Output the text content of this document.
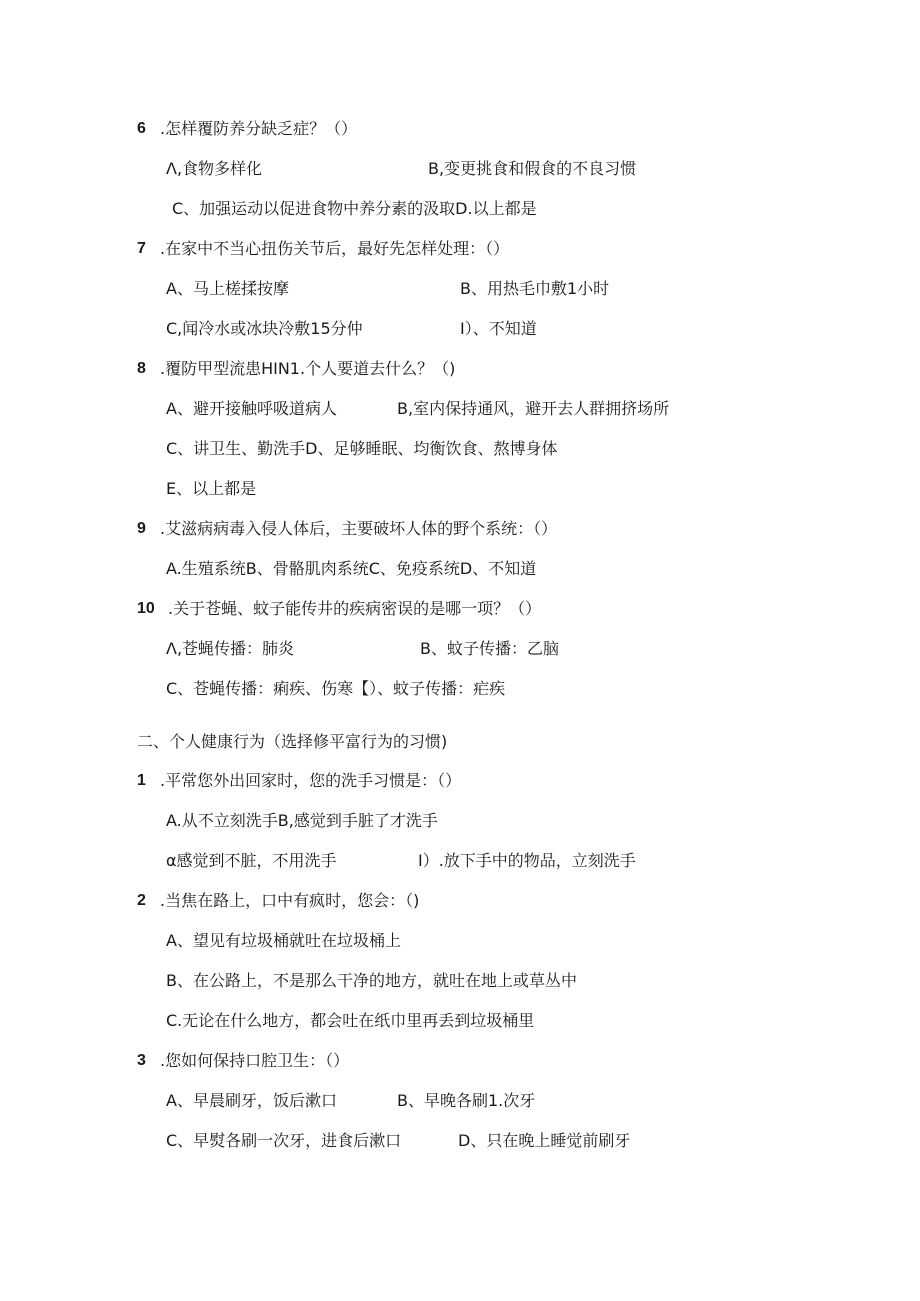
6 .怎样覆防养分缺乏症？（）
Λ,食物多样化	B,变更挑食和假食的不良习惯
C、加强运动以促进食物中养分素的汲取D.以上都是
7 .在家中不当心扭伤关节后，最好先怎样处理：（）
A、马上槎揉按摩	B、用热毛巾敷1小时
C,闻冷水或冰块冷敷15分仲	I）、不知道
8 .覆防甲型流患HIN1.个人要道去什么？（)
A、避开接触呼吸道病人	B,室内保持通风，避开去人群拥挤场所
C、讲卫生、勤洗手D、足够睡眠、均衡饮食、熬博身体
E、以上都是
9 .艾滋病病毒入侵人体后，主要破坏人体的野个系统：（）
A.生殖系统B、骨骼肌肉系统C、免疫系统D、不知道
10 .关于苍蝇、蚊子能传井的疾病密误的是哪一项？（）
Λ,苍蝇传播：肺炎	B、蚊子传播：乙脑
C、苍蝇传播：痢疾、伤寒【）、蚊子传播：疟疾
二、个人健康行为（选择修平富行为的习惯)
1 .平常您外出回家时，您的洗手习惯是：（）
A.从不立刻洗手B,感觉到手脏了才洗手
α感觉到不脏，不用洗手	I）.放下手中的物品，立刻洗手
2 .当焦在路上，口中有疯时，您会：（)
A、望见有垃圾桶就吐在垃圾桶上
B、在公路上，不是那么干净的地方，就吐在地上或草丛中
C.无论在什么地方，都会吐在纸巾里再丢到垃圾桶里
3 .您如何保持口腔卫生：（）
A、早晨刷牙，饭后漱口	B、早晚各刷1.次牙
C、早熨各刷一次牙，进食后漱口	D、只在晚上睡觉前刷牙
